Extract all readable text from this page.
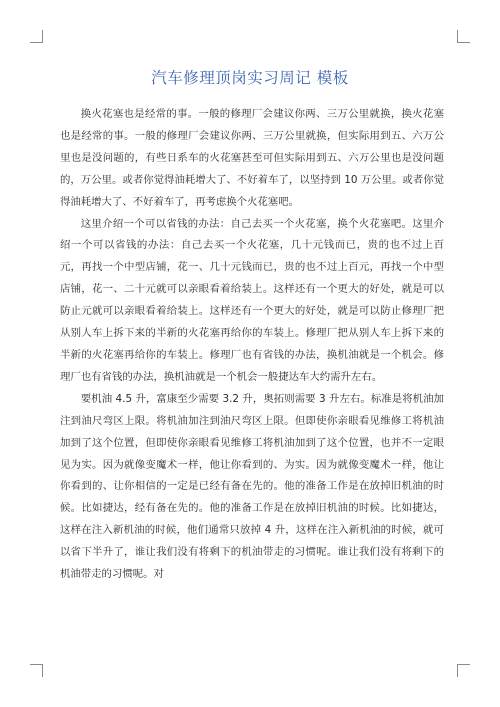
汽车修理顶岗实习周记 模板

换火花塞也是经常的事。一般的修理厂会建议你两、三万公里就换，换火花塞也是经常的事。一般的修理厂会建议你两、三万公里就换，但实际用到五、六万公里也是没问题的，有些日系车的火花塞甚至可但实际用到五、六万公里也是没问题的，万公里。或者你觉得油耗增大了、不好着车了，以坚持到 10 万公里。或者你觉得油耗增大了、不好着车了，再考虑换个火花塞吧。

这里介绍一个可以省钱的办法：自己去买一个火花塞，换个火花塞吧。这里介绍一个可以省钱的办法：自己去买一个火花塞，几十元钱而已，贵的也不过上百元，再找一个中型店铺，花一、几十元钱而已，贵的也不过上百元，再找一个中型店铺，花一、二十元就可以亲眼看着给装上。这样还有一个更大的好处，就是可以防止元就可以亲眼看着给装上。这样还有一个更大的好处，就是可以防止修理厂把从别人车上拆下来的半新的火花塞再给你的车装上。修理厂把从别人车上拆下来的半新的火花塞再给你的车装上。修理厂也有省钱的办法，换机油就是一个机会。修理厂也有省钱的办法，换机油就是一个机会一般捷达车大约需升左右。

要机油 4.5 升，富康至少需要 3.2 升，奥拓则需要 3 升左右。标准是将机油加注到油尺弯区上限。将机油加注到油尺弯区上限。但即使你亲眼看见维修工将机油加到了这个位置，但即使你亲眼看见维修工将机油加到了这个位置，也并不一定眼见为实。因为就像变魔术一样，他让你看到的、为实。因为就像变魔术一样，他让你看到的、让你相信的一定是已经有备在先的。他的准备工作是在放掉旧机油的时候。比如捷达，经有备在先的。他的准备工作是在放掉旧机油的时候。比如捷达，这样在注入新机油的时候，他们通常只放掉 4 升，这样在注入新机油的时候，就可以省下半升了，谁让我们没有将剩下的机油带走的习惯呢。谁让我们没有将剩下的机油带走的习惯呢。对
